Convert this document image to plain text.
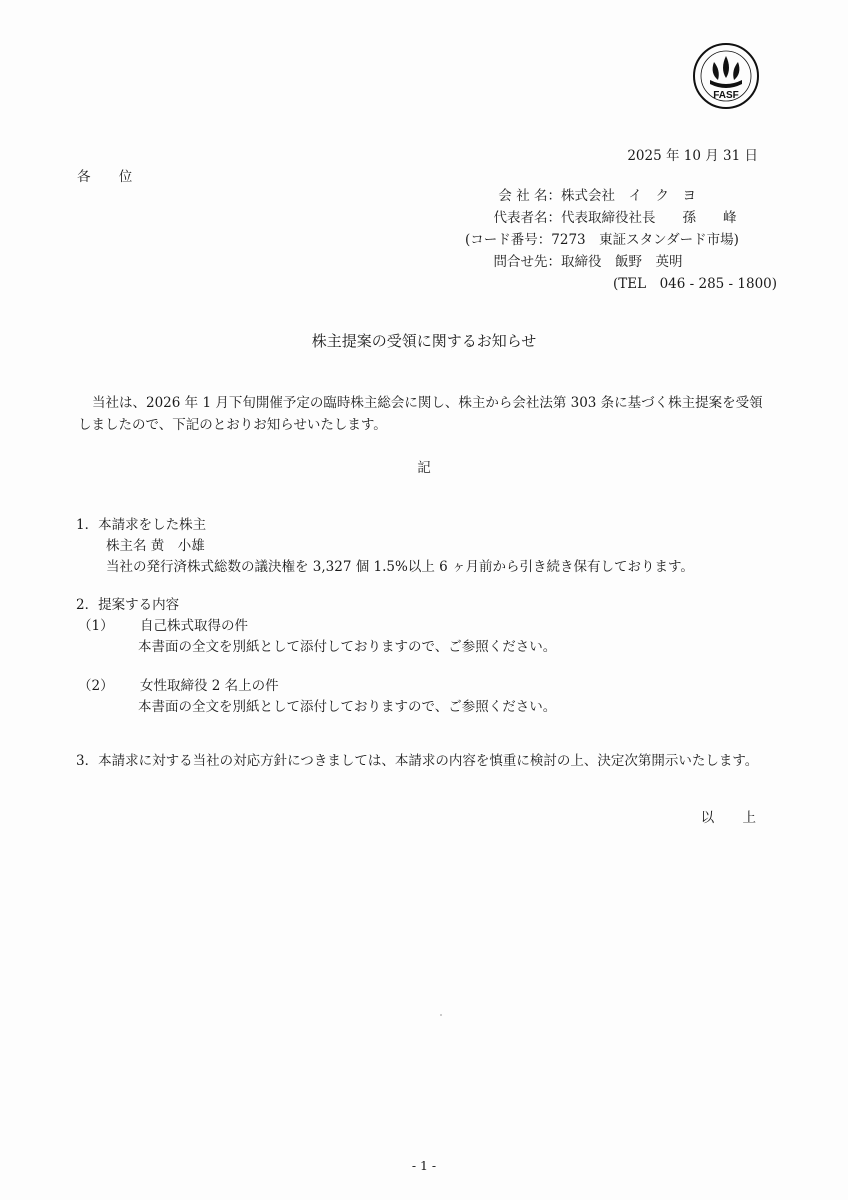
FASF
2025 年 10 月 31 日
各 位
会 社 名： 株式会社　イ　ク　ヨ
代表者名： 代表取締役社長　　孫　　峰
(コード番号：7273　東証スタンダード市場)
問合せ先： 取締役　飯野　英明
(TEL　046 - 285 - 1800)
株主提案の受領に関するお知らせ
当社は、2026 年 1 月下旬開催予定の臨時株主総会に関し、株主から会社法第 303 条に基づく株主提案を受領しましたので、下記のとおりお知らせいたします。
記
1．本請求をした株主
株主名 黄　小雄
当社の発行済株式総数の議決権を 3,327 個 1.5%以上 6 ヶ月前から引き続き保有しております。
2．提案する内容
（1）	自己株式取得の件
本書面の全文を別紙として添付しておりますので、ご参照ください。
（2）	女性取締役 2 名上の件
本書面の全文を別紙として添付しておりますので、ご参照ください。
3．本請求に対する当社の対応方針につきましては、本請求の内容を慎重に検討の上、決定次第開示いたします。
以 上
- 1 -
